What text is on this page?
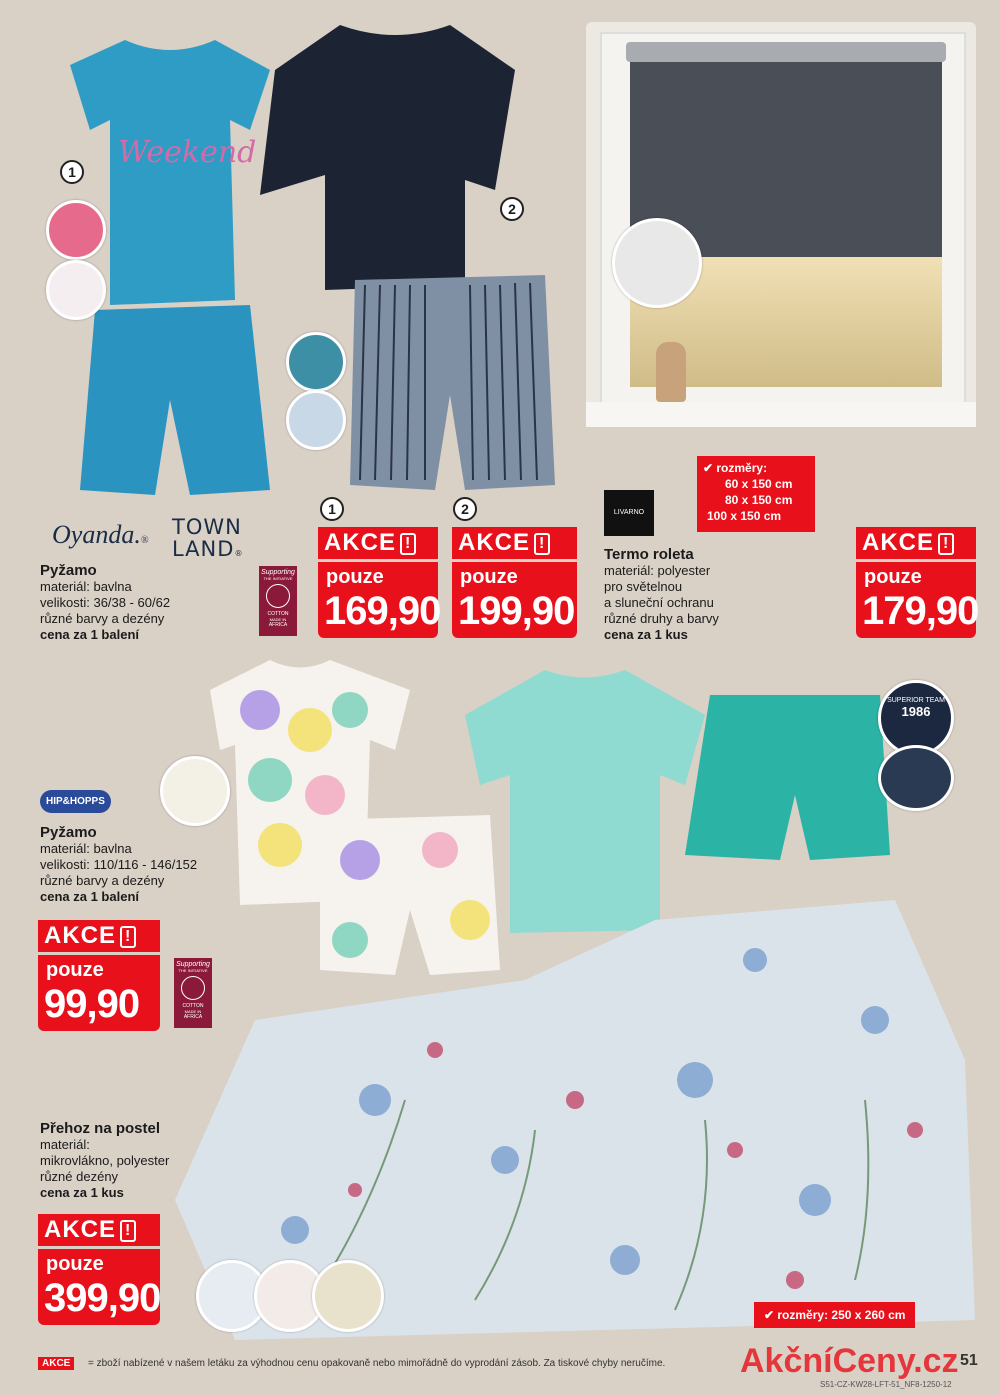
Weekend
1
2
✔ rozměry:
60 x 150 cm
80 x 150 cm
100 x 150 cm
Oyanda.®
TOWN
LAND®
Pyžamo
materiál: bavlna
velikosti: 36/38 - 60/62
různé barvy a dezény
cena za 1 balení
Supporting
THE INITIATIVE
COTTON
MADE IN
AFRICA
1	2
AKCE !
pouze
169,90
AKCE !
pouze
199,90
LIVARNO
Termo roleta
materiál: polyester
pro světelnou
a sluneční ochranu
různé druhy a barvy
cena za 1 kus
AKCE !
pouze
179,90
SUPERIOR TEAM
1986
HIP&HOPPS
Pyžamo
materiál: bavlna
velikosti: 110/116 - 146/152
různé barvy a dezény
cena za 1 balení
AKCE !
pouze
99,90
Supporting
THE INITIATIVE
COTTON
MADE IN
AFRICA
Přehoz na postel
materiál:
mikrovlákno, polyester
různé dezény
cena za 1 kus
AKCE !
pouze
399,90	✔ rozměry: 250 x 260 cm
AKCE	= zboží nabízené v našem letáku za výhodnou cenu opakovaně nebo mimořádně do vyprodání zásob. Za tiskové chyby neručíme.	AkčníCeny.cz 51
S51-CZ-KW28-LFT-51_NF8-1250-12
